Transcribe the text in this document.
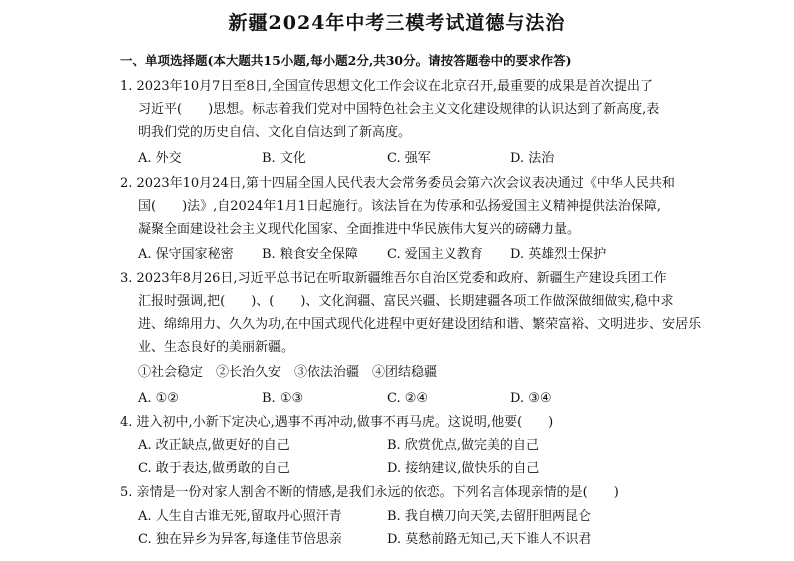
新疆2024年中考三模考试道德与法治
一、单项选择题(本大题共15小题,每小题2分,共30分。请按答题卷中的要求作答)
1. 2023年10月7日至8日,全国宣传思想文化工作会议在北京召开,最重要的成果是首次提出了
习近平(　　)思想。标志着我们党对中国特色社会主义文化建设规律的认识达到了新高度,表
明我们党的历史自信、文化自信达到了新高度。
A. 外交	B. 文化	C. 强军	D. 法治
2. 2023年10月24日,第十四届全国人民代表大会常务委员会第六次会议表决通过《中华人民共和
国(　　)法》,自2024年1月1日起施行。该法旨在为传承和弘扬爱国主义精神提供法治保障,
凝聚全面建设社会主义现代化国家、全面推进中华民族伟大复兴的磅礴力量。
A. 保守国家秘密 B. 粮食安全保障 C. 爱国主义教育 D. 英雄烈士保护
3. 2023年8月26日,习近平总书记在听取新疆维吾尔自治区党委和政府、新疆生产建设兵团工作
汇报时强调,把(　　)、(　　)、文化润疆、富民兴疆、长期建疆各项工作做深做细做实,稳中求
进、绵绵用力、久久为功,在中国式现代化进程中更好建设团结和谐、繁荣富裕、文明进步、安居乐
业、生态良好的美丽新疆。
①社会稳定　②长治久安　③依法治疆　④团结稳疆
A. ①②	B. ①③	C. ②④	D. ③④
4. 进入初中,小新下定决心,遇事不再冲动,做事不再马虎。这说明,他要(　　)
A. 改正缺点,做更好的自己	B. 欣赏优点,做完美的自己
C. 敢于表达,做勇敢的自己	D. 接纳建议,做快乐的自己
5. 亲情是一份对家人割舍不断的情感,是我们永远的依恋。下列名言体现亲情的是(　　)
A. 人生自古谁无死,留取丹心照汗青	B. 我自横刀向天笑,去留肝胆两昆仑
C. 独在异乡为异客,每逢佳节倍思亲	D. 莫愁前路无知己,天下谁人不识君
